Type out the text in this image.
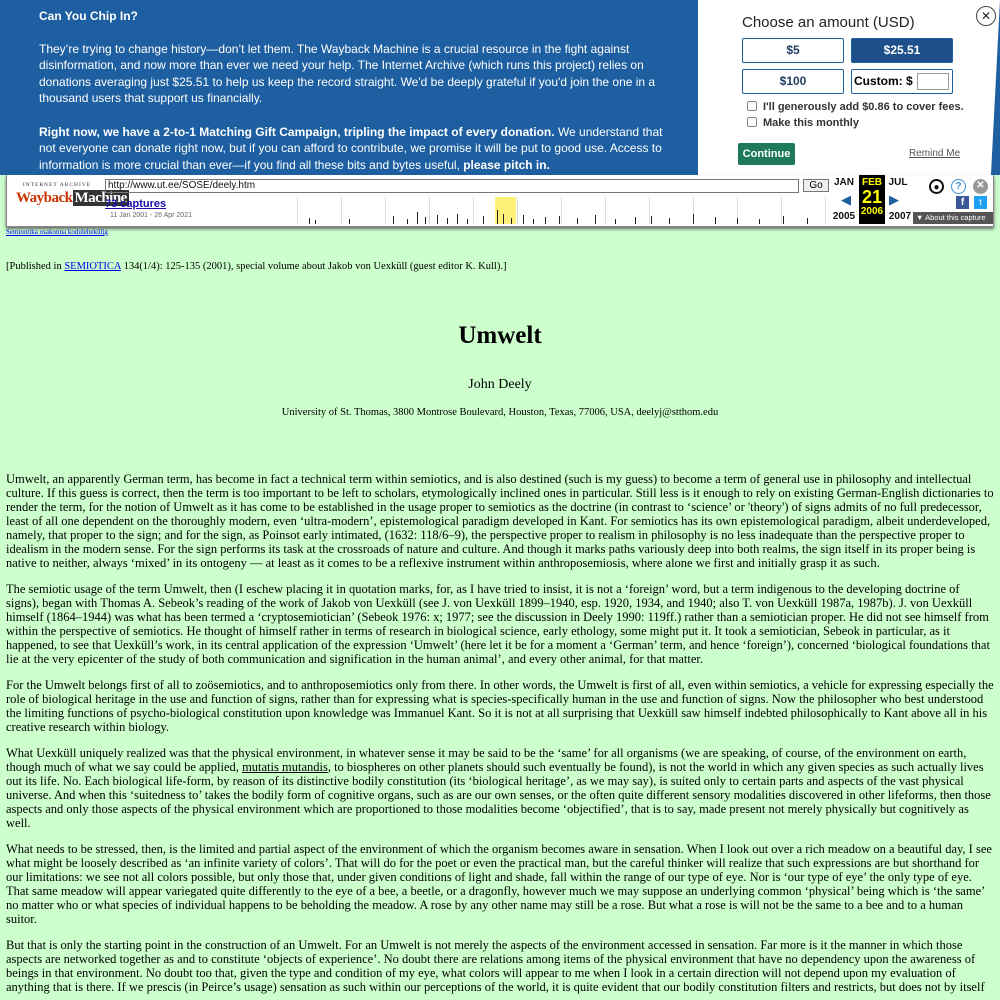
Can You Chip In?

They’re trying to change history—don’t let them. The Wayback Machine is a crucial resource in the fight against disinformation, and now more than ever we need your help. The Internet Archive (which runs this project) relies on donations averaging just $25.51 to help us keep the record straight. We'd be deeply grateful if you'd join the one in a thousand users that support us financially.

Right now, we have a 2-to-1 Matching Gift Campaign, tripling the impact of every donation. We understand that not everyone can donate right now, but if you can afford to contribute, we promise it will be put to good use. Access to information is more crucial than ever—if you find all these bits and bytes useful, please pitch in.

Choose an amount (USD)
$5	$25.51
$100	Custom: $
I'll generously add $0.86 to cover fees.
Make this monthly
Continue	Remind Me
✕
INTERNET ARCHIVE
Wayback Machine
http://www.ut.ee/SOSE/deely.htm	Go
73 captures
11 Jan 2001 - 26 Apr 2021
JAN
◀
2005
FEB
21
2006
▶
JUL
2007
●	?	✕
f	t
▼ About this capture
Semiootika osakonna koduleheküljg
[Published in SEMIOTICA 134(1/4): 125-135 (2001), special volume about Jakob von Uexküll (guest editor K. Kull).]
Umwelt
John Deely
University of St. Thomas, 3800 Montrose Boulevard, Houston, Texas, 77006, USA, deelyj@stthom.edu

Umwelt, an apparently German term, has become in fact a technical term within semiotics, and is also destined (such is my guess) to become a term of general use in philosophy and intellectual culture. If this guess is correct, then the term is too important to be left to scholars, etymologically inclined ones in particular. Still less is it enough to rely on existing German-English dictionaries to render the term, for the notion of Umwelt as it has come to be established in the usage proper to semiotics as the doctrine (in contrast to ‘science’ or 'theory') of signs admits of no full predecessor, least of all one dependent on the thoroughly modern, even ‘ultra-modern’, epistemological paradigm developed in Kant. For semiotics has its own epistemological paradigm, albeit underdeveloped, namely, that proper to the sign; and for the sign, as Poinsot early intimated, (1632: 118/6–9), the perspective proper to realism in philosophy is no less inadequate than the perspective proper to idealism in the modern sense. For the sign performs its task at the crossroads of nature and culture. And though it marks paths variously deep into both realms, the sign itself in its proper being is native to neither, always ‘mixed’ in its ontogeny — at least as it comes to be a reflexive instrument within anthroposemiosis, where alone we first and initially grasp it as such.

The semiotic usage of the term Umwelt, then (I eschew placing it in quotation marks, for, as I have tried to insist, it is not a ‘foreign’ word, but a term indigenous to the developing doctrine of signs), began with Thomas A. Sebeok’s reading of the work of Jakob von Uexküll (see J. von Uexküll 1899–1940, esp. 1920, 1934, and 1940; also T. von Uexküll 1987a, 1987b). J. von Uexküll himself (1864–1944) was what has been termed a ‘cryptosemiotician’ (Sebeok 1976: x; 1977; see the discussion in Deely 1990: 119ff.) rather than a semiotician proper. He did not see himself from within the perspective of semiotics. He thought of himself rather in terms of research in biological science, early ethology, some might put it. It took a semiotician, Sebeok in particular, as it happened, to see that Uexküll’s work, in its central application of the expression ‘Umwelt’ (here let it be for a moment a ‘German’ term, and hence ‘foreign’), concerned ‘biological foundations that lie at the very epicenter of the study of both communication and signification in the human animal’, and every other animal, for that matter.

For the Umwelt belongs first of all to zoösemiotics, and to anthroposemiotics only from there. In other words, the Umwelt is first of all, even within semiotics, a vehicle for expressing especially the role of biological heritage in the use and function of signs, rather than for expressing what is species-specifically human in the use and function of signs. Now the philosopher who best understood the limiting functions of psycho-biological constitution upon knowledge was Immanuel Kant. So it is not at all surprising that Uexküll saw himself indebted philosophically to Kant above all in his creative research within biology.

What Uexküll uniquely realized was that the physical environment, in whatever sense it may be said to be the ‘same’ for all organisms (we are speaking, of course, of the environment on earth, though much of what we say could be applied, mutatis mutandis, to biospheres on other planets should such eventually be found), is not the world in which any given species as such actually lives out its life. No. Each biological life-form, by reason of its distinctive bodily constitution (its ‘biological heritage’, as we may say), is suited only to certain parts and aspects of the vast physical universe. And when this ‘suitedness to’ takes the bodily form of cognitive organs, such as are our own senses, or the often quite different sensory modalities discovered in other lifeforms, then those aspects and only those aspects of the physical environment which are proportioned to those modalities become ‘objectified’, that is to say, made present not merely physically but cognitively as well.

What needs to be stressed, then, is the limited and partial aspect of the environment of which the organism becomes aware in sensation. When I look out over a rich meadow on a beautiful day, I see what might be loosely described as ‘an infinite variety of colors’. That will do for the poet or even the practical man, but the careful thinker will realize that such expressions are but shorthand for our limitations: we see not all colors possible, but only those that, under given conditions of light and shade, fall within the range of our type of eye. Nor is ‘our type of eye’ the only type of eye. That same meadow will appear variegated quite differently to the eye of a bee, a beetle, or a dragonfly, however much we may suppose an underlying common ‘physical’ being which is ‘the same’ no matter who or what species of individual happens to be beholding the meadow. A rose by any other name may still be a rose. But what a rose is will not be the same to a bee and to a human suitor.

But that is only the starting point in the construction of an Umwelt. For an Umwelt is not merely the aspects of the environment accessed in sensation. Far more is it the manner in which those aspects are networked together as and to constitute ‘objects of experience’. No doubt there are relations among items of the physical environment that have no dependency upon the awareness of beings in that environment. No doubt too that, given the type and condition of my eye, what colors will appear to me when I look in a certain direction will not depend upon my evaluation of anything that is there. If we prescis (in Peirce’s usage) sensation as such within our perceptions of the world, it is quite evident that our bodily constitution filters and restricts, but does not by itself
